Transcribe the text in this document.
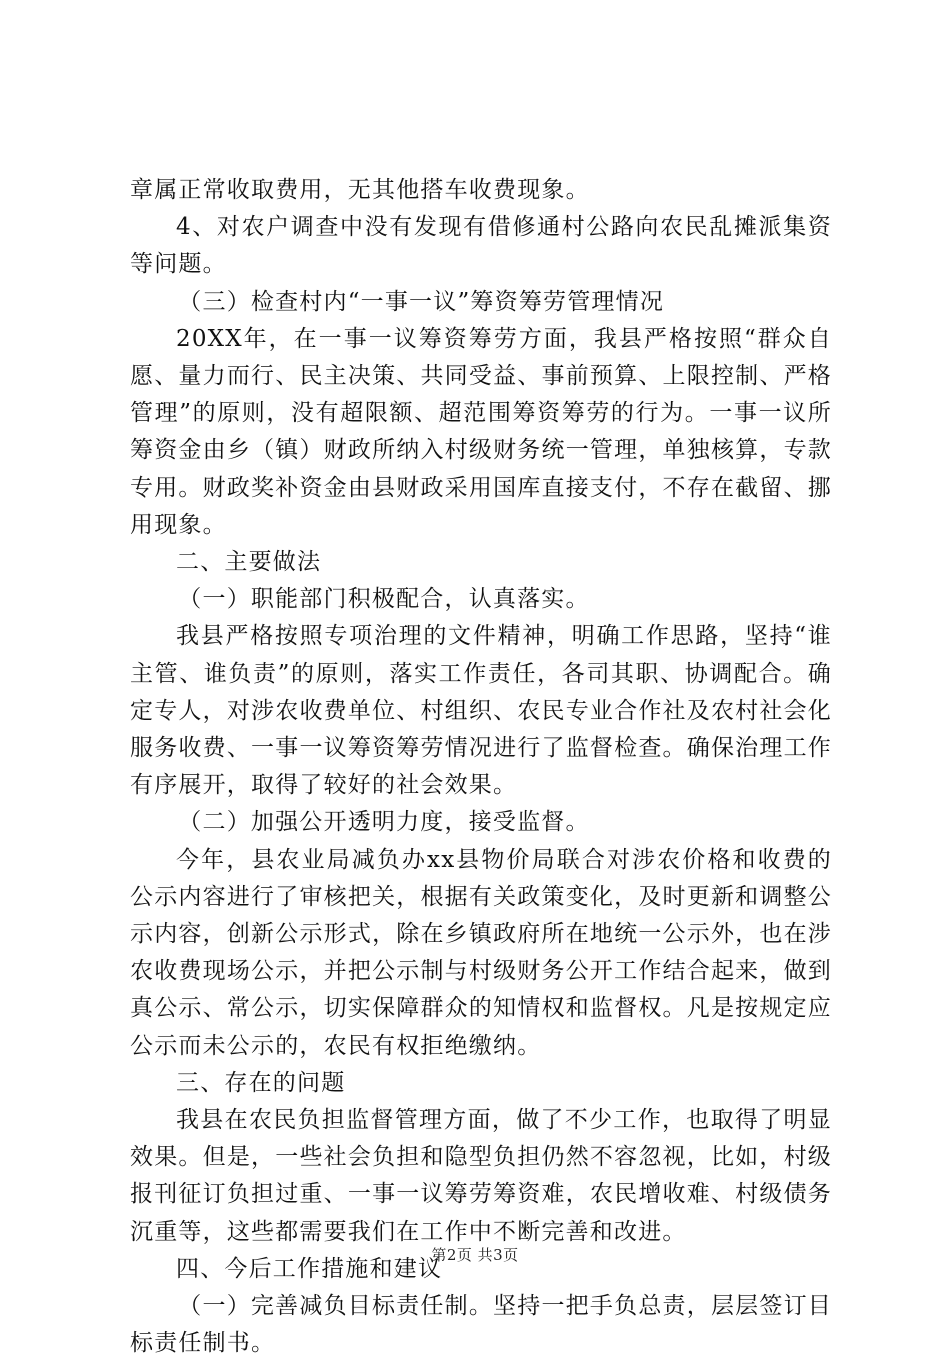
章属正常收取费用，无其他搭车收费现象。

4、对农户调查中没有发现有借修通村公路向农民乱摊派集资等问题。

（三）检查村内“一事一议”筹资筹劳管理情况

20XX年，在一事一议筹资筹劳方面，我县严格按照“群众自愿、量力而行、民主决策、共同受益、事前预算、上限控制、严格管理”的原则，没有超限额、超范围筹资筹劳的行为。一事一议所筹资金由乡（镇）财政所纳入村级财务统一管理，单独核算，专款专用。财政奖补资金由县财政采用国库直接支付，不存在截留、挪用现象。

二、主要做法

（一）职能部门积极配合，认真落实。

我县严格按照专项治理的文件精神，明确工作思路，坚持“谁主管、谁负责”的原则，落实工作责任，各司其职、协调配合。确定专人，对涉农收费单位、村组织、农民专业合作社及农村社会化服务收费、一事一议筹资筹劳情况进行了监督检查。确保治理工作有序展开，取得了较好的社会效果。

（二）加强公开透明力度，接受监督。

今年，县农业局减负办xx县物价局联合对涉农价格和收费的公示内容进行了审核把关，根据有关政策变化，及时更新和调整公示内容，创新公示形式，除在乡镇政府所在地统一公示外，也在涉农收费现场公示，并把公示制与村级财务公开工作结合起来，做到真公示、常公示，切实保障群众的知情权和监督权。凡是按规定应公示而未公示的，农民有权拒绝缴纳。

三、存在的问题

我县在农民负担监督管理方面，做了不少工作，也取得了明显效果。但是，一些社会负担和隐型负担仍然不容忽视，比如，村级报刊征订负担过重、一事一议筹劳筹资难，农民增收难、村级债务沉重等，这些都需要我们在工作中不断完善和改进。

四、今后工作措施和建议

（一）完善减负目标责任制。坚持一把手负总责，层层签订目标责任制书。

第2页 共3页
